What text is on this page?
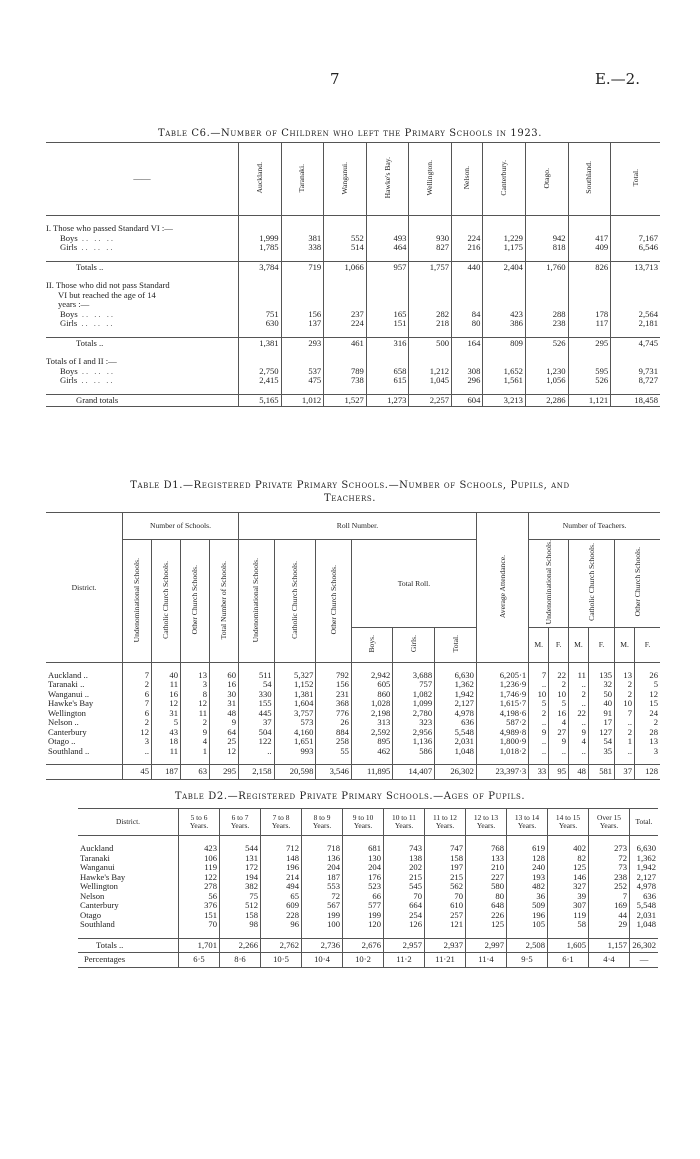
7	E.—2.
Table C6.—Number of Children who left the Primary Schools in 1923.
——	Auckland.	Taranaki.	Wanganui.	Hawke's Bay.	Wellington.	Nelson.	Canterbury.	Otago.	Southland.	Total.

I. Those who passed Standard VI :—										
Boys .. .. ..	1,999	381	552	493	930	224	1,229	942	417	7,167
Girls .. .. ..	1,785	338	514	464	827	216	1,175	818	409	6,546

Totals ..	3,784	719	1,066	957	1,757	440	2,404	1,760	826	13,713

II. Those who did not pass Standard										
VI but reached the age of 14										
years :—										
Boys .. .. ..	751	156	237	165	282	84	423	288	178	2,564
Girls .. .. ..	630	137	224	151	218	80	386	238	117	2,181

Totals ..	1,381	293	461	316	500	164	809	526	295	4,745

Totals of I and II :—										
Boys .. .. ..	2,750	537	789	658	1,212	308	1,652	1,230	595	9,731
Girls .. .. ..	2,415	475	738	615	1,045	296	1,561	1,056	526	8,727

Grand totals	5,165	1,012	1,527	1,273	2,257	604	3,213	2,286	1,121	18,458
Table D1.—Registered Private Primary Schools.—Number of Schools, Pupils, and
Teachers.
District.	Number of Schools.				Roll Number.						Average Attendance.	Number of Teachers.					
	Undenominational Schools.	Catholic Church Schools.	Other Church Schools.	Total Number of Schools.	Undenominational Schools.	Catholic Church Schools.	Other Church Schools.	Total Roll.				Undenominational Schools.		Catholic Church Schools.		Other Church Schools.	
								Boys.	Girls.	Total.		M.	F.	M.	F.	M.	F.

Auckland ..	7	40	13	60	511	5,327	792	2,942	3,688	6,630	6,205·1	7	22	11	135	13	26
Taranaki ..	2	11	3	16	54	1,152	156	605	757	1,362	1,236·9	..	2	..	32	2	5
Wanganui ..	6	16	8	30	330	1,381	231	860	1,082	1,942	1,746·9	10	10	2	50	2	12
Hawke's Bay	7	12	12	31	155	1,604	368	1,028	1,099	2,127	1,615·7	5	5	..	40	10	15
Wellington	6	31	11	48	445	3,757	776	2,198	2,780	4,978	4,198·6	2	16	22	91	7	24
Nelson ..	2	5	2	9	37	573	26	313	323	636	587·2	..	4	..	17	..	2
Canterbury	12	43	9	64	504	4,160	884	2,592	2,956	5,548	4,989·8	9	27	9	127	2	28
Otago ..	3	18	4	25	122	1,651	258	895	1,136	2,031	1,800·9	..	9	4	54	1	13
Southland ..	..	11	1	12	..	993	55	462	586	1,048	1,018·2	..	..	..	35	..	3

	45	187	63	295	2,158	20,598	3,546	11,895	14,407	26,302	23,397·3	33	95	48	581	37	128
Table D2.—Registered Private Primary Schools.—Ages of Pupils.
District.	5 to 6 Years.	6 to 7 Years.	7 to 8 Years.	8 to 9 Years.	9 to 10 Years.	10 to 11 Years.	11 to 12 Years.	12 to 13 Years.	13 to 14 Years.	14 to 15 Years.	Over 15 Years.	Total.

Auckland	423	544	712	718	681	743	747	768	619	402	273	6,630
Taranaki	106	131	148	136	130	138	158	133	128	82	72	1,362
Wanganui	119	172	196	204	204	202	197	210	240	125	73	1,942
Hawke's Bay	122	194	214	187	176	215	215	227	193	146	238	2,127
Wellington	278	382	494	553	523	545	562	580	482	327	252	4,978
Nelson	56	75	65	72	66	70	70	80	36	39	7	636
Canterbury	376	512	609	567	577	664	610	648	509	307	169	5,548
Otago	151	158	228	199	199	254	257	226	196	119	44	2,031
Southland	70	98	96	100	120	126	121	125	105	58	29	1,048

Totals ..	1,701	2,266	2,762	2,736	2,676	2,957	2,937	2,997	2,508	1,605	1,157	26,302
Percentages	6·5	8·6	10·5	10·4	10·2	11·2	11·21	11·4	9·5	6·1	4·4	—
